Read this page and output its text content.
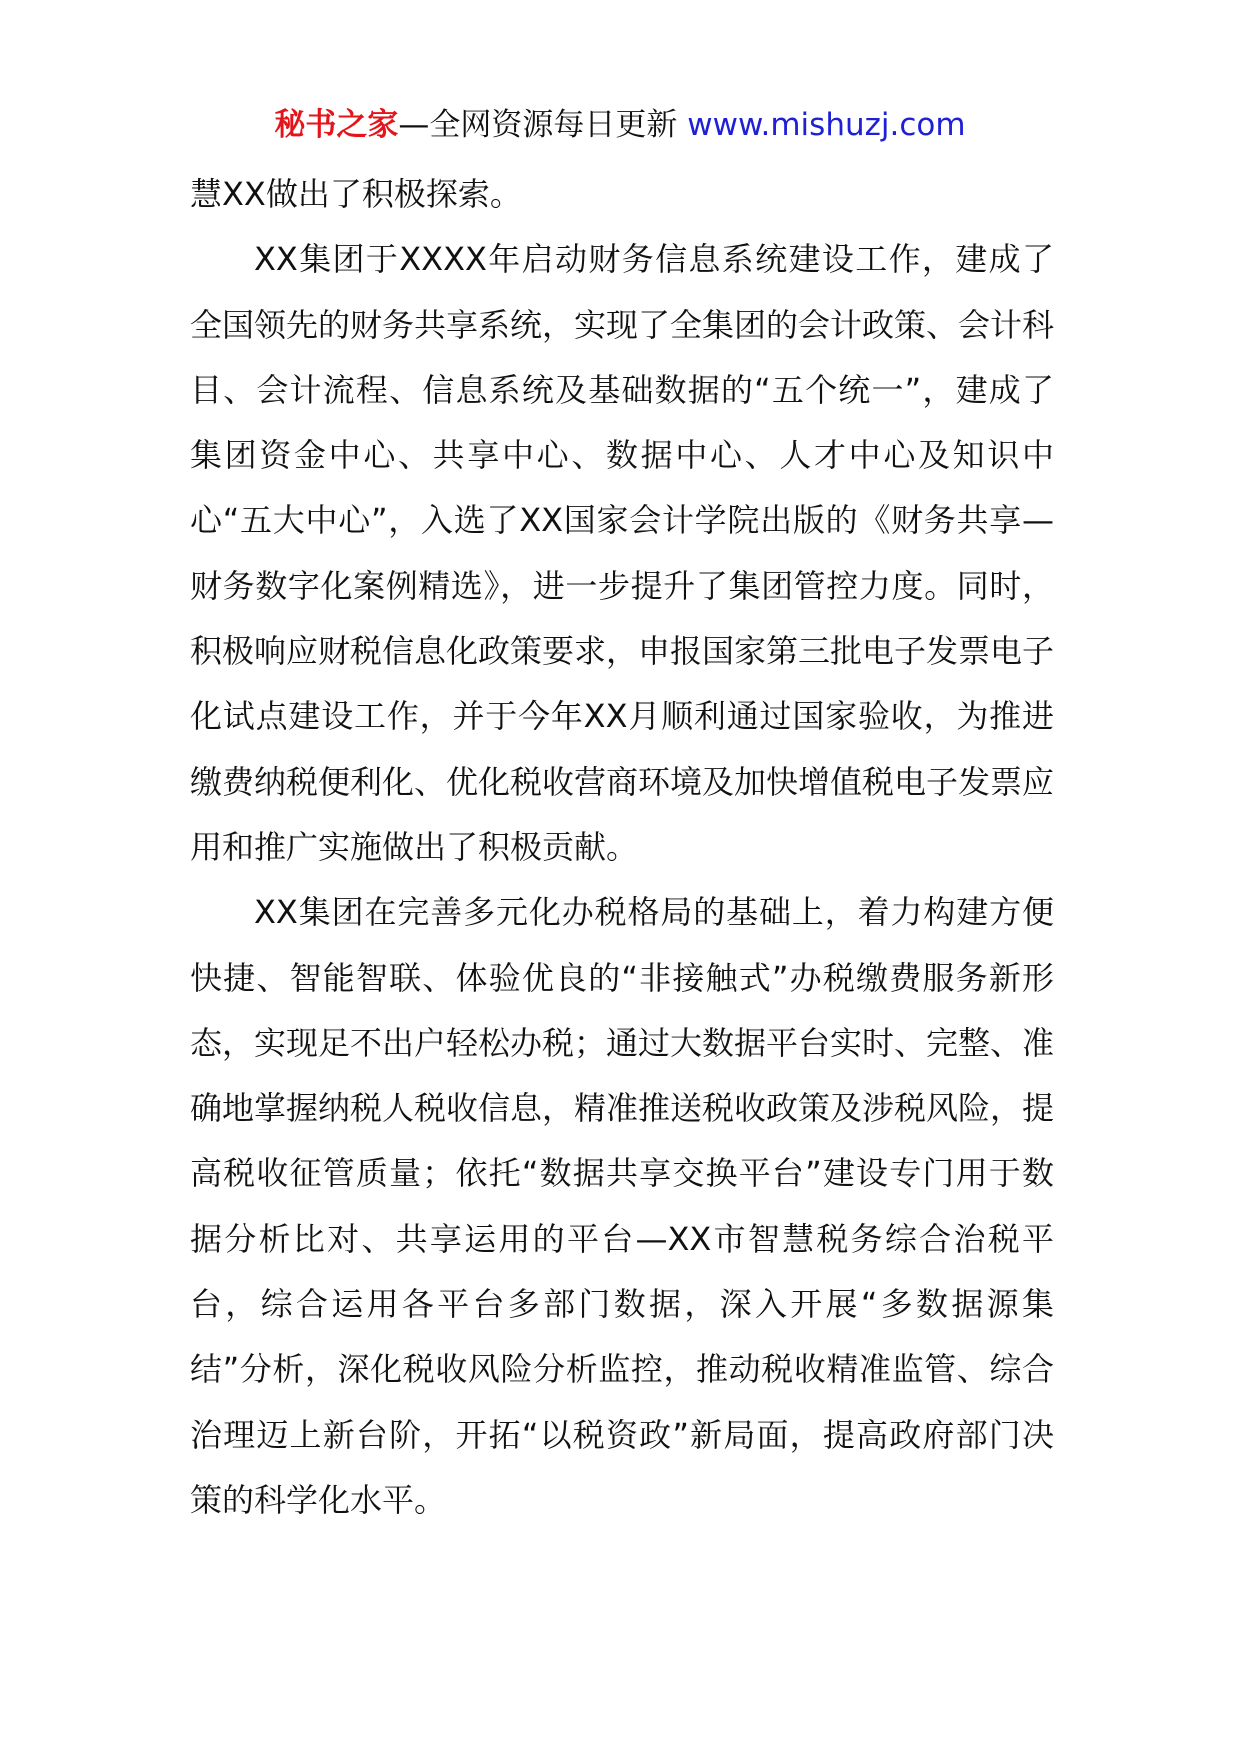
秘书之家—全网资源每日更新 www.mishuzj.com

慧XX做出了积极探索。

XX集团于XXXX年启动财务信息系统建设工作，建成了全国领先的财务共享系统，实现了全集团的会计政策、会计科目、会计流程、信息系统及基础数据的“五个统一”，建成了集团资金中心、共享中心、数据中心、人才中心及知识中心“五大中心”，入选了XX国家会计学院出版的《财务共享—财务数字化案例精选》，进一步提升了集团管控力度。同时，积极响应财税信息化政策要求，申报国家第三批电子发票电子化试点建设工作，并于今年XX月顺利通过国家验收，为推进缴费纳税便利化、优化税收营商环境及加快增值税电子发票应用和推广实施做出了积极贡献。

XX集团在完善多元化办税格局的基础上，着力构建方便快捷、智能智联、体验优良的“非接触式”办税缴费服务新形态，实现足不出户轻松办税；通过大数据平台实时、完整、准确地掌握纳税人税收信息，精准推送税收政策及涉税风险，提高税收征管质量；依托“数据共享交换平台”建设专门用于数据分析比对、共享运用的平台—XX市智慧税务综合治税平台，综合运用各平台多部门数据，深入开展“多数据源集结”分析，深化税收风险分析监控，推动税收精准监管、综合治理迈上新台阶，开拓“以税资政”新局面，提高政府部门决策的科学化水平。
